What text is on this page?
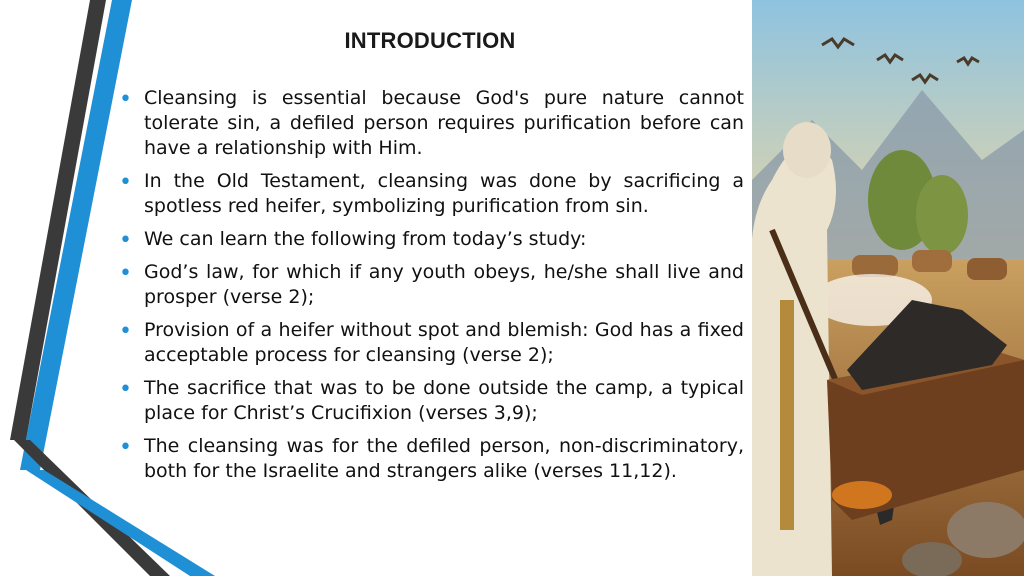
INTRODUCTION
• Cleansing is essential because God's pure nature cannot tolerate sin, a defiled person requires purification before can have a relationship with Him.
• In the Old Testament, cleansing was done by sacrificing a spotless red heifer, symbolizing purification from sin.
• We can learn the following from today’s study:
• God’s law, for which if any youth obeys, he/she shall live and prosper (verse 2);
• Provision of a heifer without spot and blemish: God has a fixed acceptable process for cleansing (verse 2);
• The sacrifice that was to be done outside the camp, a typical place for Christ’s Crucifixion (verses 3,9);
• The cleansing was for the defiled person, non-discriminatory, both for the Israelite and strangers alike (verses 11,12).
